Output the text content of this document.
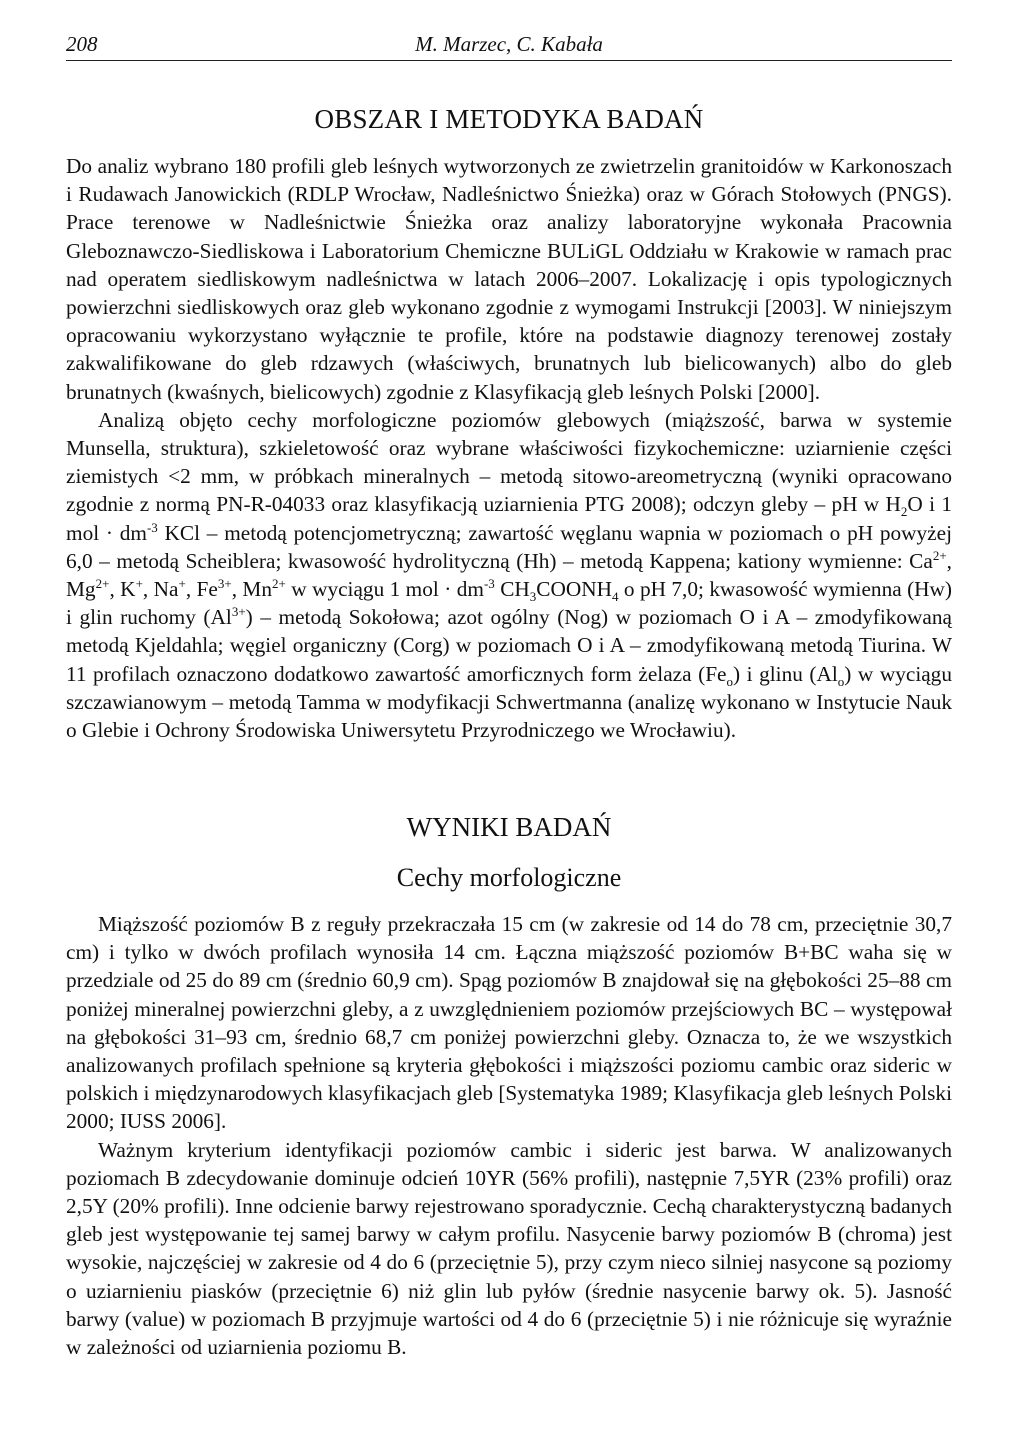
208	M. Marzec, C. Kabała
OBSZAR I METODYKA BADAŃ

Do analiz wybrano 180 profili gleb leśnych wytworzonych ze zwietrzelin granitoidów w Karkonoszach i Rudawach Janowickich (RDLP Wrocław, Nadleśnictwo Śnieżka) oraz w Górach Stołowych (PNGS). Prace terenowe w Nadleśnictwie Śnieżka oraz analizy laboratoryjne wykonała Pracownia Gleboznawczo-Siedliskowa i Laboratorium Chemiczne BULiGL Oddziału w Krakowie w ramach prac nad operatem siedliskowym nadleśnictwa w latach 2006–2007. Lokalizację i opis typologicznych powierzchni siedliskowych oraz gleb wykonano zgodnie z wymogami Instrukcji [2003]. W niniejszym opracowaniu wykorzystano wyłącznie te profile, które na podstawie diagnozy terenowej zostały zakwalifikowane do gleb rdzawych (właściwych, brunatnych lub bielicowanych) albo do gleb brunatnych (kwaśnych, bielicowych) zgodnie z Klasyfikacją gleb leśnych Polski [2000].

Analizą objęto cechy morfologiczne poziomów glebowych (miąższość, barwa w systemie Munsella, struktura), szkieletowość oraz wybrane właściwości fizykochemiczne: uziarnienie części ziemistych <2 mm, w próbkach mineralnych – metodą sitowo-areometryczną (wyniki opracowano zgodnie z normą PN-R-04033 oraz klasyfikacją uziarnienia PTG 2008); odczyn gleby – pH w $H_2O$ i 1 mol · $dm^{-3}$ KCl – metodą potencjometryczną; zawartość węglanu wapnia w poziomach o pH powyżej 6,0 – metodą Scheiblera; kwasowość hydrolityczną (Hh) – metodą Kappena; kationy wymienne: $Ca^{2+}$, $Mg^{2+}$, K+, Na+, $Fe^{3+}$, $Mn^{2+}$ w wyciągu 1 mol · $dm^{-3}$ $CH_3COONH_4$ o pH 7,0; kwasowość wymienna (Hw) i glin ruchomy $(Al^{3+})$ – metodą Sokołowa; azot ogólny (Nog) w poziomach O i A – zmodyfikowaną metodą Kjeldahla; węgiel organiczny (Corg) w poziomach O i A – zmodyfikowaną metodą Tiurina. W 11 profilach oznaczono dodatkowo zawartość amorficznych form żelaza $(Fe_o)$ i glinu $(Al_o)$ w wyciągu szczawianowym – metodą Tamma w modyfikacji Schwertmanna (analizę wykonano w Instytucie Nauk o Glebie i Ochrony Środowiska Uniwersytetu Przyrodniczego we Wrocławiu).

WYNIKI BADAŃ
Cechy morfologiczne

Miąższość poziomów B z reguły przekraczała 15 cm (w zakresie od 14 do 78 cm, przeciętnie 30,7 cm) i tylko w dwóch profilach wynosiła 14 cm. Łączna miąższość poziomów B+BC waha się w przedziale od 25 do 89 cm (średnio 60,9 cm). Spąg poziomów B znajdował się na głębokości 25–88 cm poniżej mineralnej powierzchni gleby, a z uwzględnieniem poziomów przejściowych BC – występował na głębokości 31–93 cm, średnio 68,7 cm poniżej powierzchni gleby. Oznacza to, że we wszystkich analizowanych profilach spełnione są kryteria głębokości i miąższości poziomu cambic oraz sideric w polskich i międzynarodowych klasyfikacjach gleb [Systematyka 1989; Klasyfikacja gleb leśnych Polski 2000; IUSS 2006].

Ważnym kryterium identyfikacji poziomów cambic i sideric jest barwa. W analizowanych poziomach B zdecydowanie dominuje odcień 10YR (56% profili), następnie 7,5YR (23% profili) oraz 2,5Y (20% profili). Inne odcienie barwy rejestrowano sporadycznie. Cechą charakterystyczną badanych gleb jest występowanie tej samej barwy w całym profilu. Nasycenie barwy poziomów B (chroma) jest wysokie, najczęściej w zakresie od 4 do 6 (przeciętnie 5), przy czym nieco silniej nasycone są poziomy o uziarnieniu piasków (przeciętnie 6) niż glin lub pyłów (średnie nasycenie barwy ok. 5). Jasność barwy (value) w poziomach B przyjmuje wartości od 4 do 6 (przeciętnie 5) i nie różnicuje się wyraźnie w zależności od uziarnienia poziomu B.
